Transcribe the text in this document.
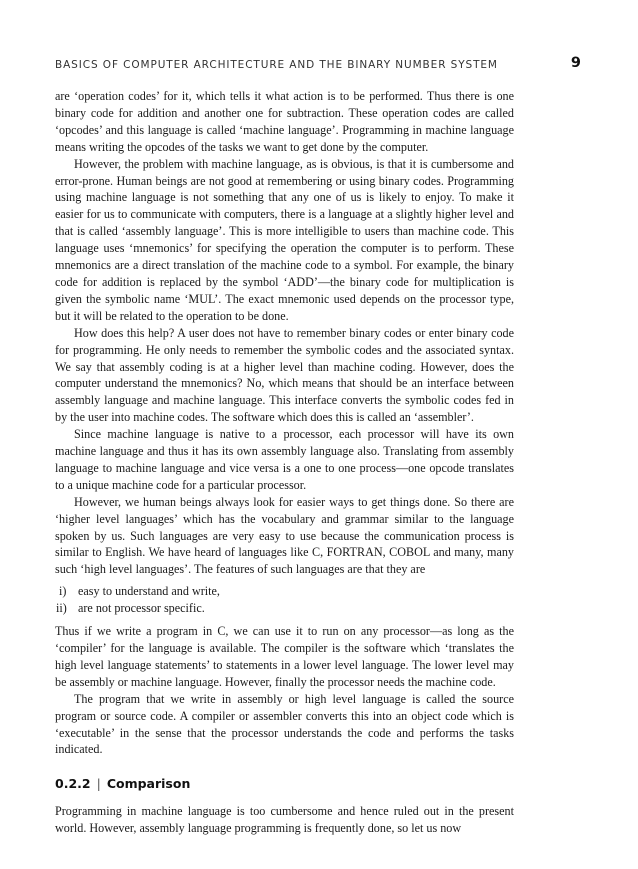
BASICS OF COMPUTER ARCHITECTURE AND THE BINARY NUMBER SYSTEM	9

are ‘operation codes’ for it, which tells it what action is to be performed. Thus there is one binary code for addition and another one for subtraction. These operation codes are called ‘opcodes’ and this language is called ‘machine language’. Programming in machine language means writing the opcodes of the tasks we want to get done by the computer.

However, the problem with machine language, as is obvious, is that it is cumbersome and error-prone. Human beings are not good at remembering or using binary codes. Programming using machine language is not something that any one of us is likely to enjoy. To make it easier for us to communicate with computers, there is a language at a slightly higher level and that is called ‘assembly language’. This is more intelligible to users than machine code. This language uses ‘mnemonics’ for specifying the operation the computer is to perform. These mnemonics are a direct translation of the machine code to a symbol. For example, the binary code for addition is replaced by the symbol ‘ADD’—the binary code for multiplication is given the symbolic name ‘MUL’. The exact mnemonic used depends on the processor type, but it will be related to the operation to be done.

How does this help? A user does not have to remember binary codes or enter binary code for programming. He only needs to remember the symbolic codes and the associated syntax. We say that assembly coding is at a higher level than machine coding. However, does the computer understand the mnemonics? No, which means that should be an interface between assembly language and machine language. This interface converts the symbolic codes fed in by the user into machine codes. The software which does this is called an ‘assembler’.

Since machine language is native to a processor, each processor will have its own machine language and thus it has its own assembly language also. Translating from assembly language to machine language and vice versa is a one to one process—one opcode translates to a unique machine code for a particular processor.

However, we human beings always look for easier ways to get things done. So there are ‘higher level languages’ which has the vocabulary and grammar similar to the language spoken by us. Such languages are very easy to use because the communication process is similar to English. We have heard of languages like C, FORTRAN, COBOL and many, many such ‘high level languages’. The features of such languages are that they are

i) easy to understand and write,
ii) are not processor specific.

Thus if we write a program in C, we can use it to run on any processor—as long as the ‘compiler’ for the language is available. The compiler is the software which ‘translates the high level language statements’ to statements in a lower level language. The lower level may be assembly or machine language. However, finally the processor needs the machine code.

The program that we write in assembly or high level language is called the source program or source code. A compiler or assembler converts this into an object code which is ‘executable’ in the sense that the processor understands the code and performs the tasks indicated.

0.2.2 | Comparison

Programming in machine language is too cumbersome and hence ruled out in the present world. However, assembly language programming is frequently done, so let us now
